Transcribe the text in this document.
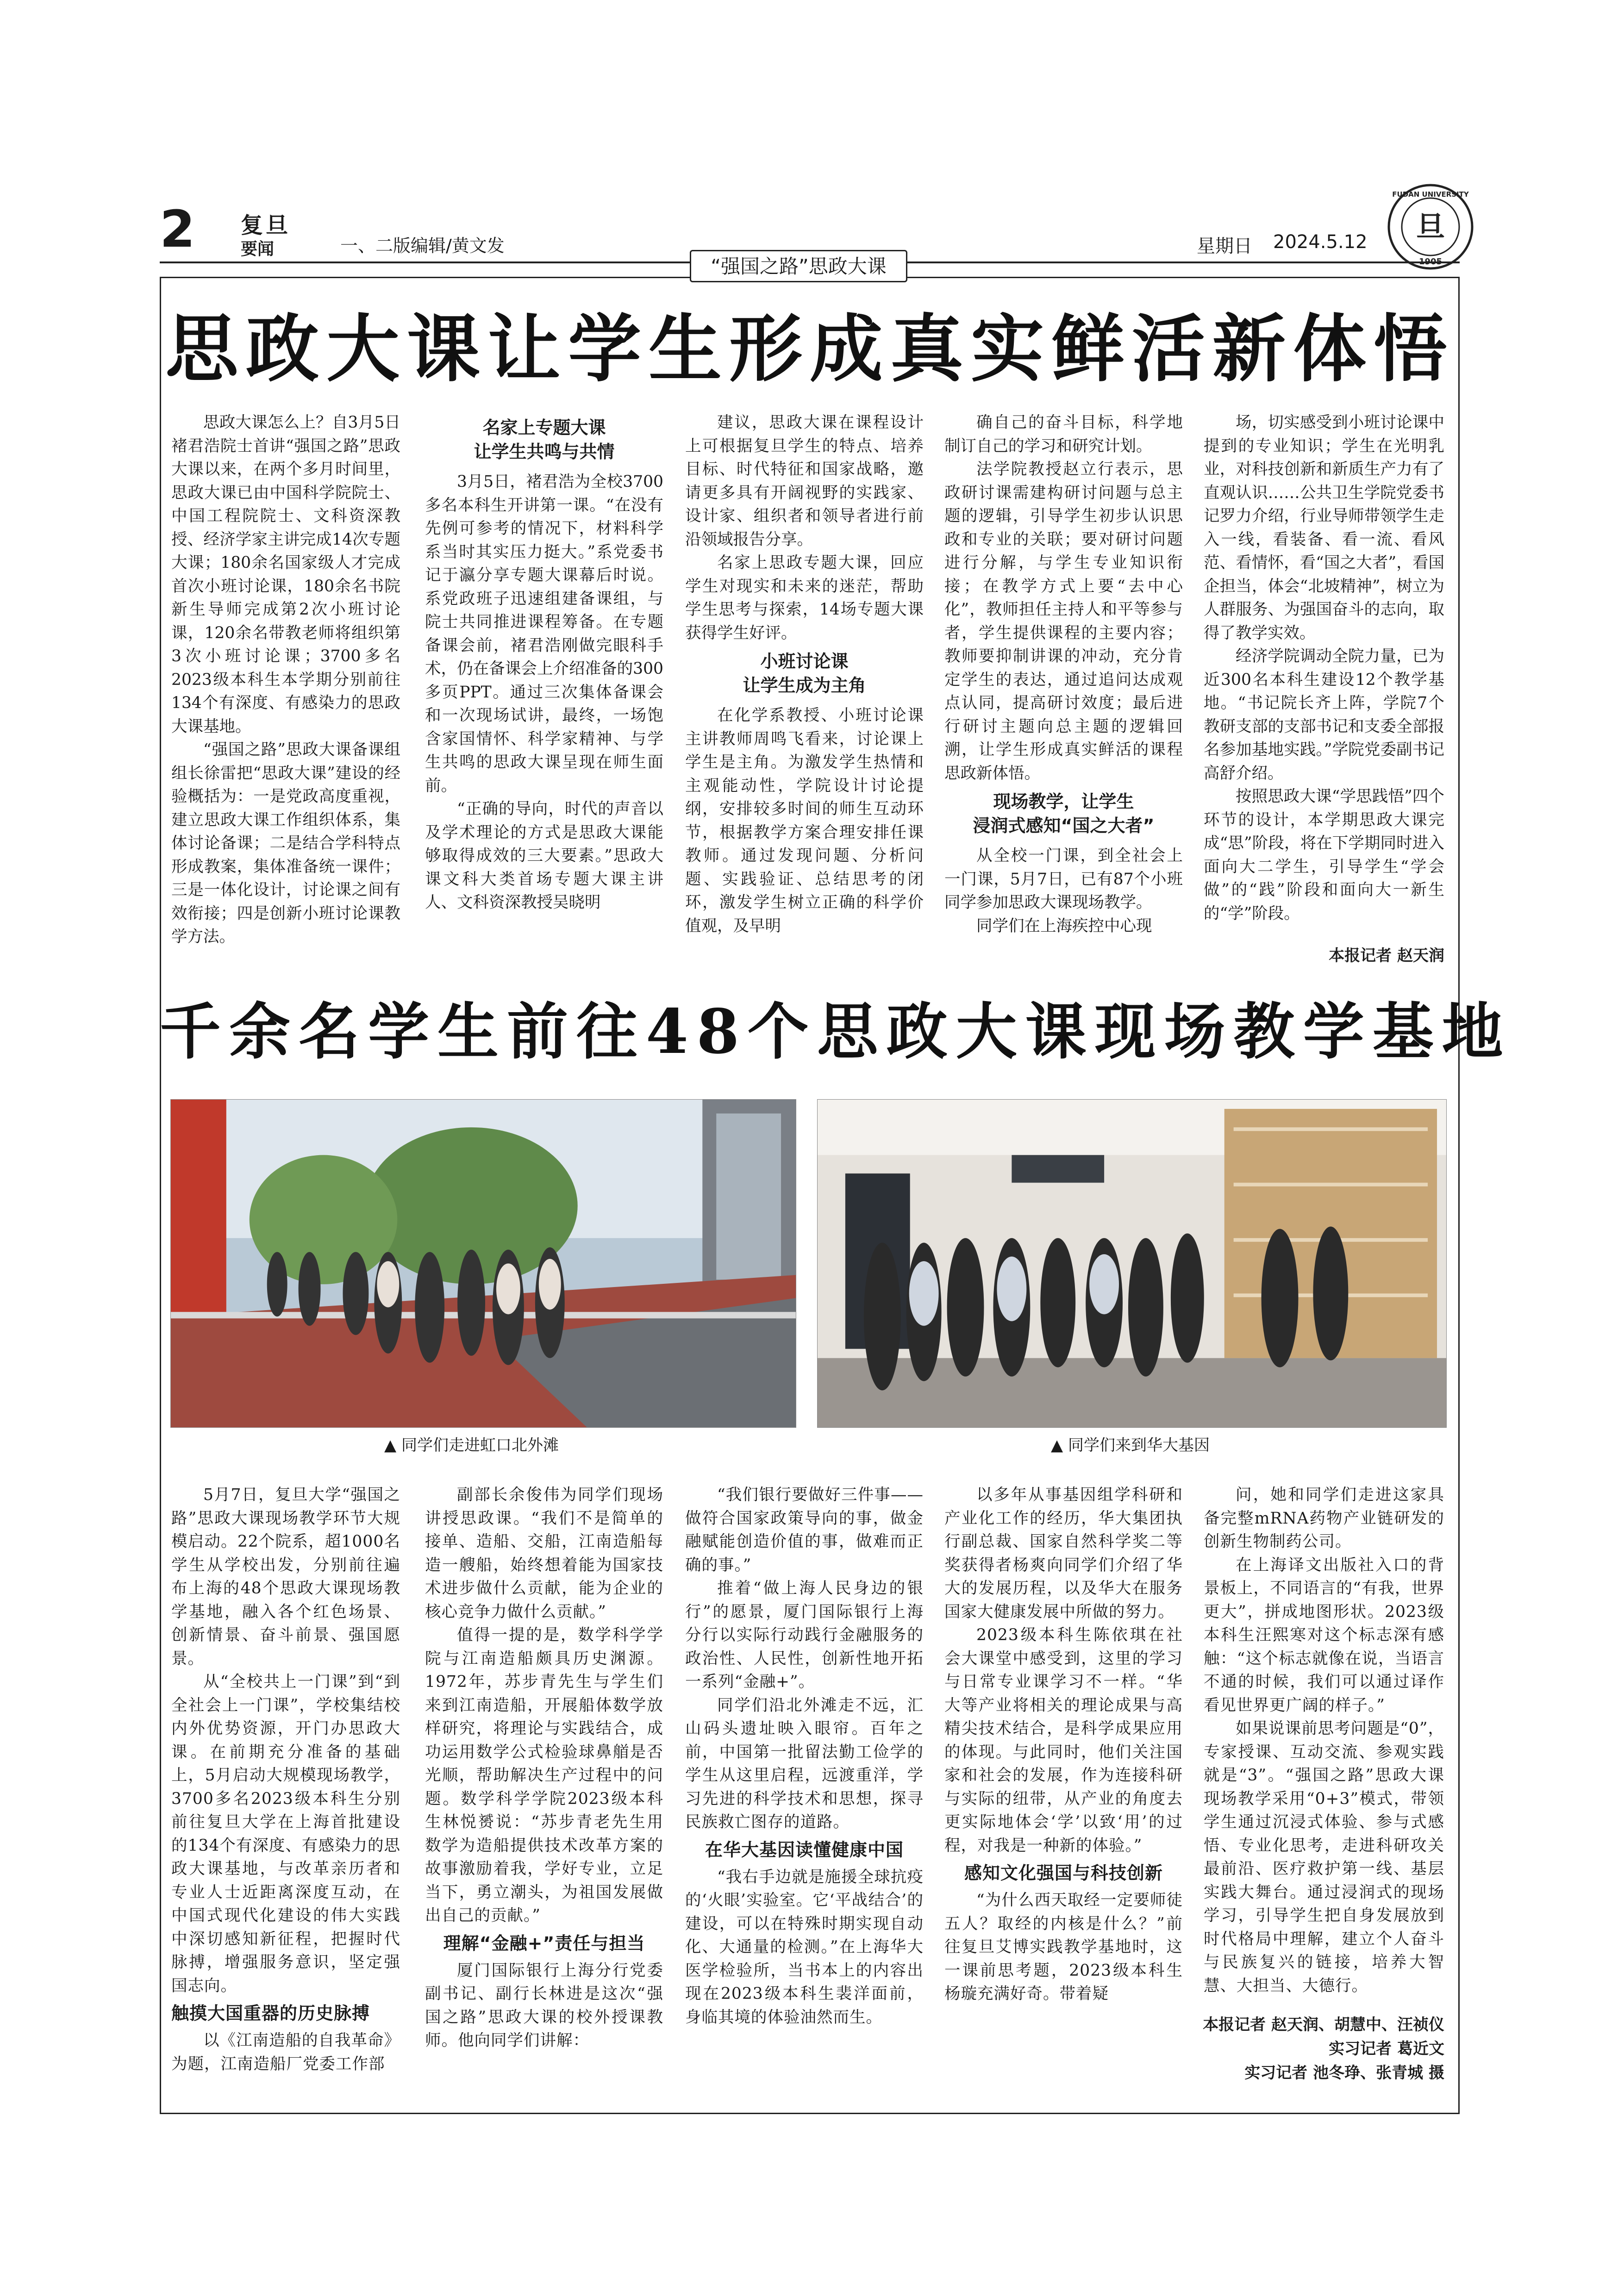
2 复旦
要闻	一、二版编辑/黄文发	星期日 2024.5.12 旦
FUDAN UNIVERSITY
“强国之路”思政大课
思政大课让学生形成真实鲜活新体悟

思政大课怎么上？自3月5日褚君浩院士首讲“强国之路”思政大课以来，在两个多月时间里，思政大课已由中国科学院院士、中国工程院院士、文科资深教授、经济学家主讲完成14次专题大课；180余名国家级人才完成首次小班讨论课，180余名书院新生导师完成第2次小班讨论课，120余名带教老师将组织第3次小班讨论课；3700多名2023级本科生本学期分别前往134个有深度、有感染力的思政大课基地。

“强国之路”思政大课备课组组长徐雷把“思政大课”建设的经验概括为：一是党政高度重视，建立思政大课工作组织体系，集体讨论备课；二是结合学科特点形成教案，集体准备统一课件；三是一体化设计，讨论课之间有效衔接；四是创新小班讨论课教学方法。

名家上专题大课
让学生共鸣与共情

3月5日，褚君浩为全校3700多名本科生开讲第一课。“在没有先例可参考的情况下，材料科学系当时其实压力挺大。”系党委书记于瀛分享专题大课幕后时说。系党政班子迅速组建备课组，与院士共同推进课程筹备。在专题备课会前，褚君浩刚做完眼科手术，仍在备课会上介绍准备的300多页PPT。通过三次集体备课会和一次现场试讲，最终，一场饱含家国情怀、科学家精神、与学生共鸣的思政大课呈现在师生面前。

“正确的导向，时代的声音以及学术理论的方式是思政大课能够取得成效的三大要素。”思政大课文科大类首场专题大课主讲人、文科资深教授吴晓明

建议，思政大课在课程设计上可根据复旦学生的特点、培养目标、时代特征和国家战略，邀请更多具有开阔视野的实践家、设计家、组织者和领导者进行前沿领域报告分享。

名家上思政专题大课，回应学生对现实和未来的迷茫，帮助学生思考与探索，14场专题大课获得学生好评。

小班讨论课
让学生成为主角

在化学系教授、小班讨论课主讲教师周鸣飞看来，讨论课上学生是主角。为激发学生热情和主观能动性，学院设计讨论提纲，安排较多时间的师生互动环节，根据教学方案合理安排任课教师。通过发现问题、分析问题、实践验证、总结思考的闭环，激发学生树立正确的科学价值观，及早明

确自己的奋斗目标，科学地制订自己的学习和研究计划。

法学院教授赵立行表示，思政研讨课需建构研讨问题与总主题的逻辑，引导学生初步认识思政和专业的关联；要对研讨问题进行分解，与学生专业知识衔接；在教学方式上要“去中心化”，教师担任主持人和平等参与者，学生提供课程的主要内容；教师要抑制讲课的冲动，充分肯定学生的表达，通过追问达成观点认同，提高研讨效度；最后进行研讨主题向总主题的逻辑回溯，让学生形成真实鲜活的课程思政新体悟。

现场教学，让学生
浸润式感知“国之大者”

从全校一门课，到全社会上一门课，5月7日，已有87个小班同学参加思政大课现场教学。

同学们在上海疾控中心现

场，切实感受到小班讨论课中提到的专业知识；学生在光明乳业，对科技创新和新质生产力有了直观认识……公共卫生学院党委书记罗力介绍，行业导师带领学生走入一线，看装备、看一流、看风范、看情怀，看“国之大者”，看国企担当，体会“北坡精神”，树立为人群服务、为强国奋斗的志向，取得了教学实效。

经济学院调动全院力量，已为近300名本科生建设12个教学基地。“书记院长齐上阵，学院7个教研支部的支部书记和支委全部报名参加基地实践。”学院党委副书记高舒介绍。

按照思政大课“学思践悟”四个环节的设计，本学期思政大课完成“思”阶段，将在下学期同时进入面向大二学生，引导学生“学会做”的“践”阶段和面向大一新生的“学”阶段。

本报记者 赵天润
千余名学生前往48个思政大课现场教学基地
▲ 同学们走进虹口北外滩	▲ 同学们来到华大基因

5月7日，复旦大学“强国之路”思政大课现场教学环节大规模启动。22个院系，超1000名学生从学校出发，分别前往遍布上海的48个思政大课现场教学基地，融入各个红色场景、创新情景、奋斗前景、强国愿景。

从“全校共上一门课”到“到全社会上一门课”，学校集结校内外优势资源，开门办思政大课。在前期充分准备的基础上，5月启动大规模现场教学，3700多名2023级本科生分别前往复旦大学在上海首批建设的134个有深度、有感染力的思政大课基地，与改革亲历者和专业人士近距离深度互动，在中国式现代化建设的伟大实践中深切感知新征程，把握时代脉搏，增强服务意识，坚定强国志向。

触摸大国重器的历史脉搏

以《江南造船的自我革命》为题，江南造船厂党委工作部

副部长余俊伟为同学们现场讲授思政课。“我们不是简单的接单、造船、交船，江南造船每造一艘船，始终想着能为国家技术进步做什么贡献，能为企业的核心竞争力做什么贡献。”

值得一提的是，数学科学学院与江南造船颇具历史渊源。1972年，苏步青先生与学生们来到江南造船，开展船体数学放样研究，将理论与实践结合，成功运用数学公式检验球鼻艏是否光顺，帮助解决生产过程中的问题。数学科学学院2023级本科生林悦赟说：“苏步青老先生用数学为造船提供技术改革方案的故事激励着我，学好专业，立足当下，勇立潮头，为祖国发展做出自己的贡献。”

理解“金融+”责任与担当

厦门国际银行上海分行党委副书记、副行长林进是这次“强国之路”思政大课的校外授课教师。他向同学们讲解：

“我们银行要做好三件事——做符合国家政策导向的事，做金融赋能创造价值的事，做难而正确的事。”

推着“做上海人民身边的银行”的愿景，厦门国际银行上海分行以实际行动践行金融服务的政治性、人民性，创新性地开拓一系列“金融+”。

同学们沿北外滩走不远，汇山码头遗址映入眼帘。百年之前，中国第一批留法勤工俭学的学生从这里启程，远渡重洋，学习先进的科学技术和思想，探寻民族救亡图存的道路。

在华大基因读懂健康中国

“我右手边就是施援全球抗疫的‘火眼’实验室。它‘平战结合’的建设，可以在特殊时期实现自动化、大通量的检测。”在上海华大医学检验所，当书本上的内容出现在2023级本科生裴洋面前，身临其境的体验油然而生。

以多年从事基因组学科研和产业化工作的经历，华大集团执行副总裁、国家自然科学奖二等奖获得者杨爽向同学们介绍了华大的发展历程，以及华大在服务国家大健康发展中所做的努力。

2023级本科生陈依琪在社会大课堂中感受到，这里的学习与日常专业课学习不一样。“华大等产业将相关的理论成果与高精尖技术结合，是科学成果应用的体现。与此同时，他们关注国家和社会的发展，作为连接科研与实际的纽带，从产业的角度去更实际地体会‘学’以致‘用’的过程，对我是一种新的体验。”

感知文化强国与科技创新

“为什么西天取经一定要师徒五人？取经的内核是什么？”前往复旦艾博实践教学基地时，这一课前思考题，2023级本科生杨璇充满好奇。带着疑

问，她和同学们走进这家具备完整mRNA药物产业链研发的创新生物制药公司。

在上海译文出版社入口的背景板上，不同语言的“有我，世界更大”，拼成地图形状。2023级本科生汪熙寒对这个标志深有感触：“这个标志就像在说，当语言不通的时候，我们可以通过译作看见世界更广阔的样子。”

如果说课前思考问题是“0”，专家授课、互动交流、参观实践就是“3”。“强国之路”思政大课现场教学采用“0+3”模式，带领学生通过沉浸式体验、参与式感悟、专业化思考，走进科研攻关最前沿、医疗救护第一线、基层实践大舞台。通过浸润式的现场学习，引导学生把自身发展放到时代格局中理解，建立个人奋斗与民族复兴的链接，培养大智慧、大担当、大德行。

本报记者 赵天润、胡慧中、汪祯仪
实习记者 葛近文
实习记者 池冬琤、张青城 摄
